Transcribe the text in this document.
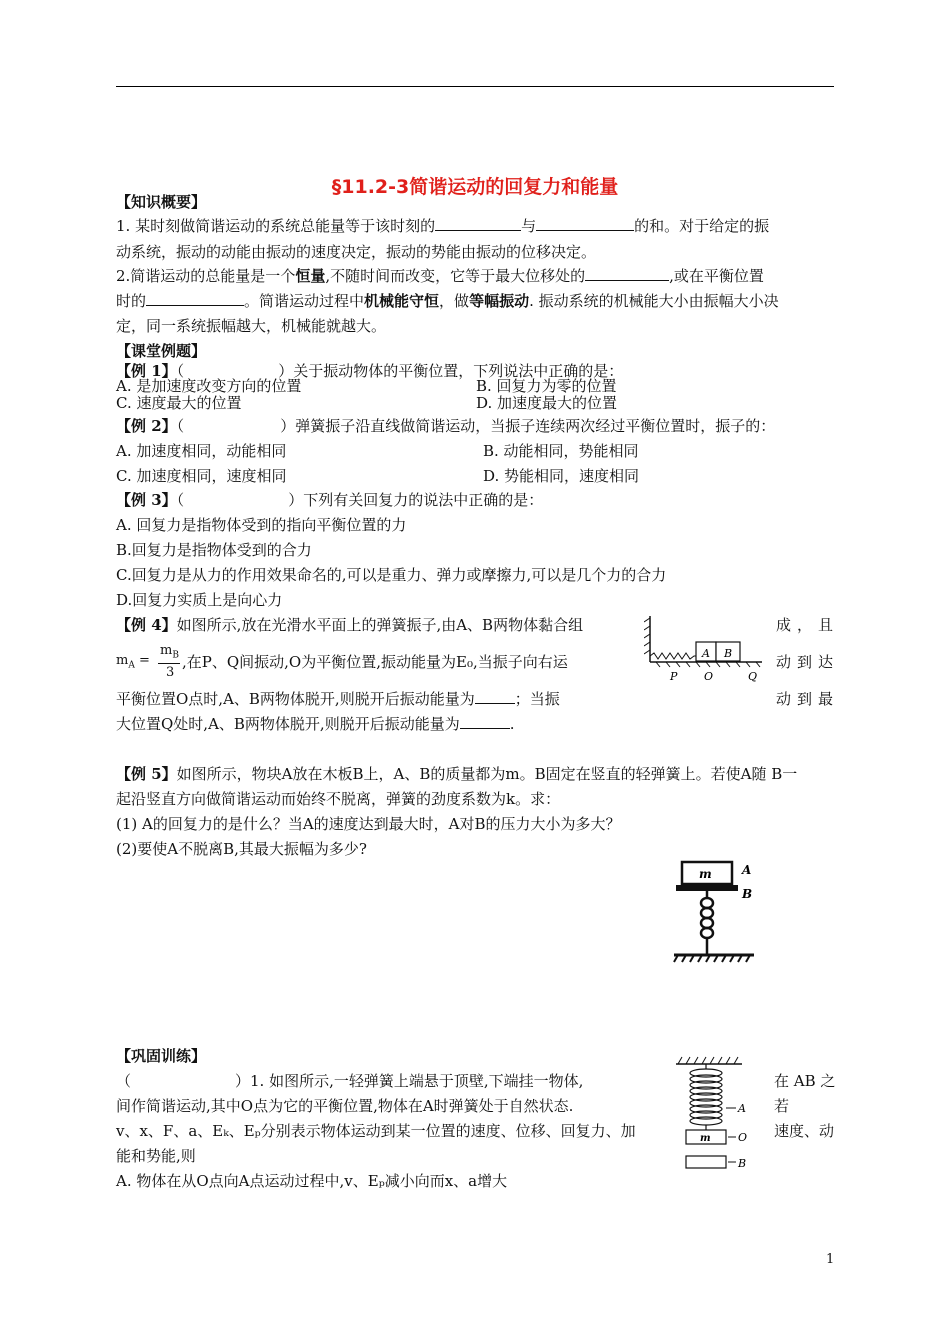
§11.2-3简谐运动的回复力和能量
【知识概要】
1. 某时刻做简谐运动的系统总能量等于该时刻的	与	的和。对于给定的振
动系统，振动的动能由振动的速度决定，振动的势能由振动的位移决定。
2.简谐运动的总能量是一个恒量,不随时间而改变，它等于最大位移处的	,或在平衡位置
时的	。简谐运动过程中机械能守恒，做等幅振动. 振动系统的机械能大小由振幅大小决
定，同一系统振幅越大，机械能就越大。
【课堂例题】
【例 1】（	）关于振动物体的平衡位置，下列说法中正确的是：
A. 是加速度改变方向的位置	B. 回复力为零的位置
C. 速度最大的位置	D. 加速度最大的位置
【例 2】（	）弹簧振子沿直线做简谐运动，当振子连续两次经过平衡位置时，振子的：
A. 加速度相同，动能相同	B. 动能相同，势能相同
C. 加速度相同，速度相同	D. 势能相同，速度相同
【例 3】（	）下列有关回复力的说法中正确的是：
A. 回复力是指物体受到的指向平衡位置的力
B.回复力是指物体受到的合力
C.回复力是从力的作用效果命名的,可以是重力、弹力或摩擦力,可以是几个力的合力
D.回复力实质上是向心力
【例 4】如图所示,放在光滑水平面上的弹簧振子,由A、B两物体黏合组	成，且
$m_A$ =
$m_B$
3
,在P、Q间振动,O为平衡位置,振动能量为E₀,当振子向右运	动到达
平衡位置O点时,A、B两物体脱开,则脱开后振动能量为	；当振	动到最
大位置Q处时,A、B两物体脱开,则脱开后振动能量为	.
A B
P O	Q
【例 5】如图所示，物块A放在木板B上，A、B的质量都为m。B固定在竖直的轻弹簧上。若使A随 B一
起沿竖直方向做简谐运动而始终不脱离，弹簧的劲度系数为k。求：
(1) A的回复力的是什么？当A的速度达到最大时，A对B的压力大小为多大？
(2)要使A不脱离B,其最大振幅为多少?
m	A
B
【巩固训练】
（	）1. 如图所示,一轻弹簧上端悬于顶壁,下端挂一物体,	在 AB 之
间作简谐运动,其中O点为它的平衡位置,物体在A时弹簧处于自然状态.	若
v、x、F、a、Eₖ、Eₚ分别表示物体运动到某一位置的速度、位移、回复力、加	速度、动
能和势能,则
A. 物体在从O点向A点运动过程中,v、Eₚ减小向而x、a增大
A
m O
B
1
